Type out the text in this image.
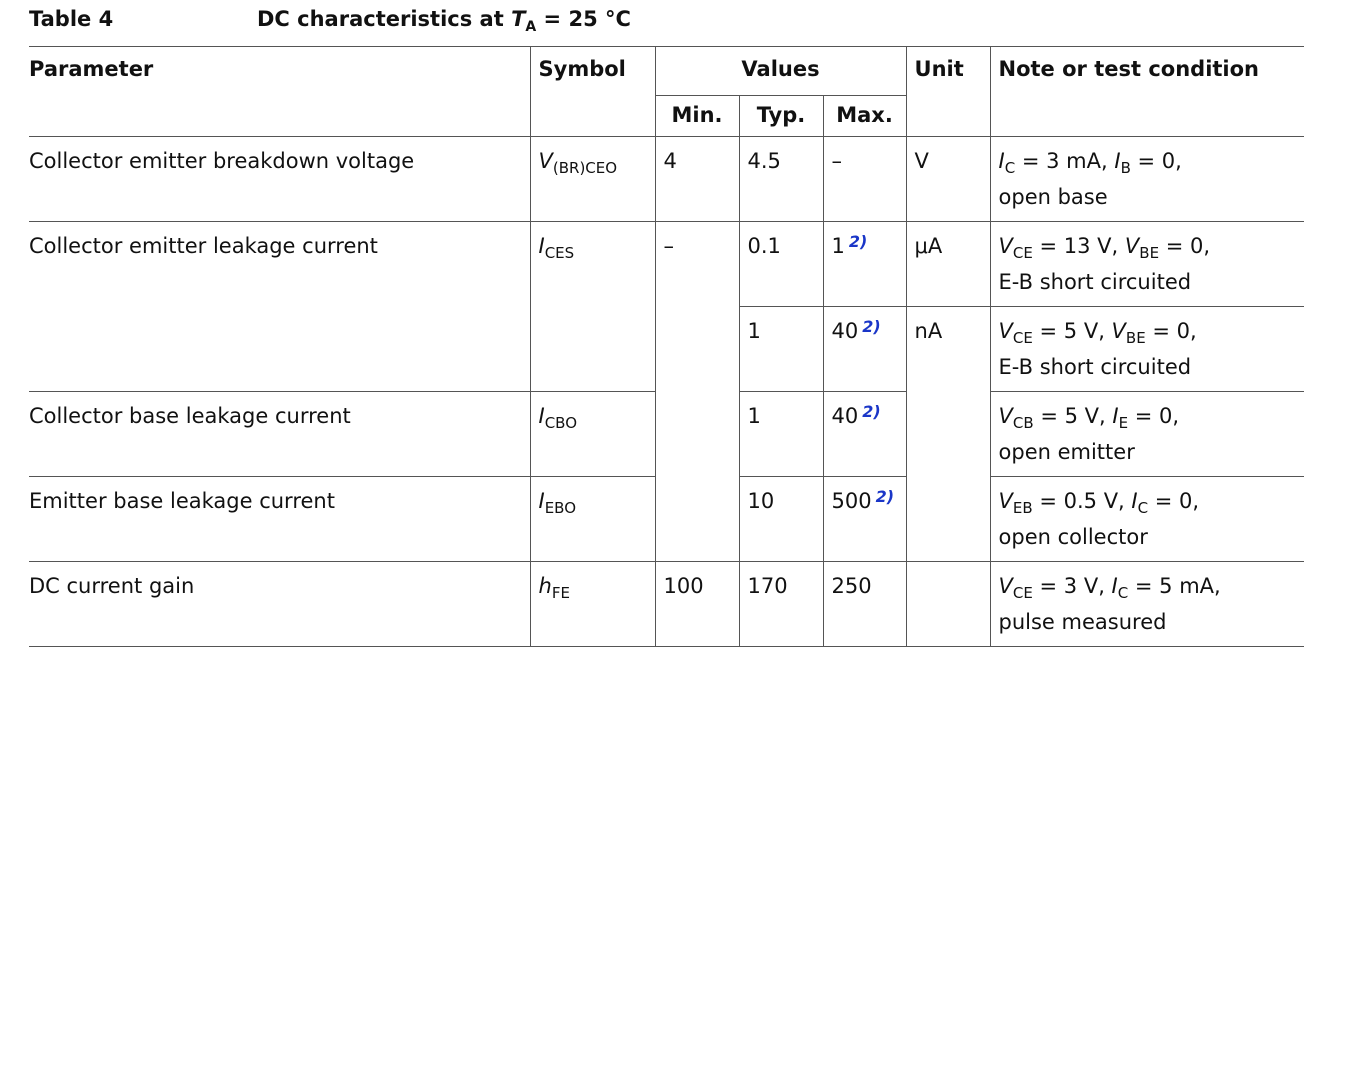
Table 4	DC characteristics at $T_A = 25$ °C
Parameter	Symbol	Values			Unit	Note or test condition
		Min.	Typ.	Max.		
Collector emitter breakdown voltage	$V_{(BR)CEO}$	4	4.5	–	V	$I_C = 3$ mA, $I_B = 0$,
open base

Collector emitter leakage current	$I_{CES}$	–	0.1	1 $^{2)}$	μA	$V_{CE} = 13$ V, $V_{BE} = 0$,
E-B short circuited

			1	40 $^{2)}$	nA	$V_{CE} = 5$ V, $V_{BE} = 0$,
E-B short circuited

Collector base leakage current	$I_{CBO}$		1	40 $^{2)}$		$V_{CB} = 5$ V, $I_E = 0$,
open emitter

Emitter base leakage current	$I_{EBO}$		10	500 $^{2)}$		$V_{EB} = 0.5$ V, $I_C = 0$,
open collector

DC current gain	$h_{FE}$	100	170	250		$V_{CE} = 3$ V, $I_C = 5$ mA,
pulse measured
